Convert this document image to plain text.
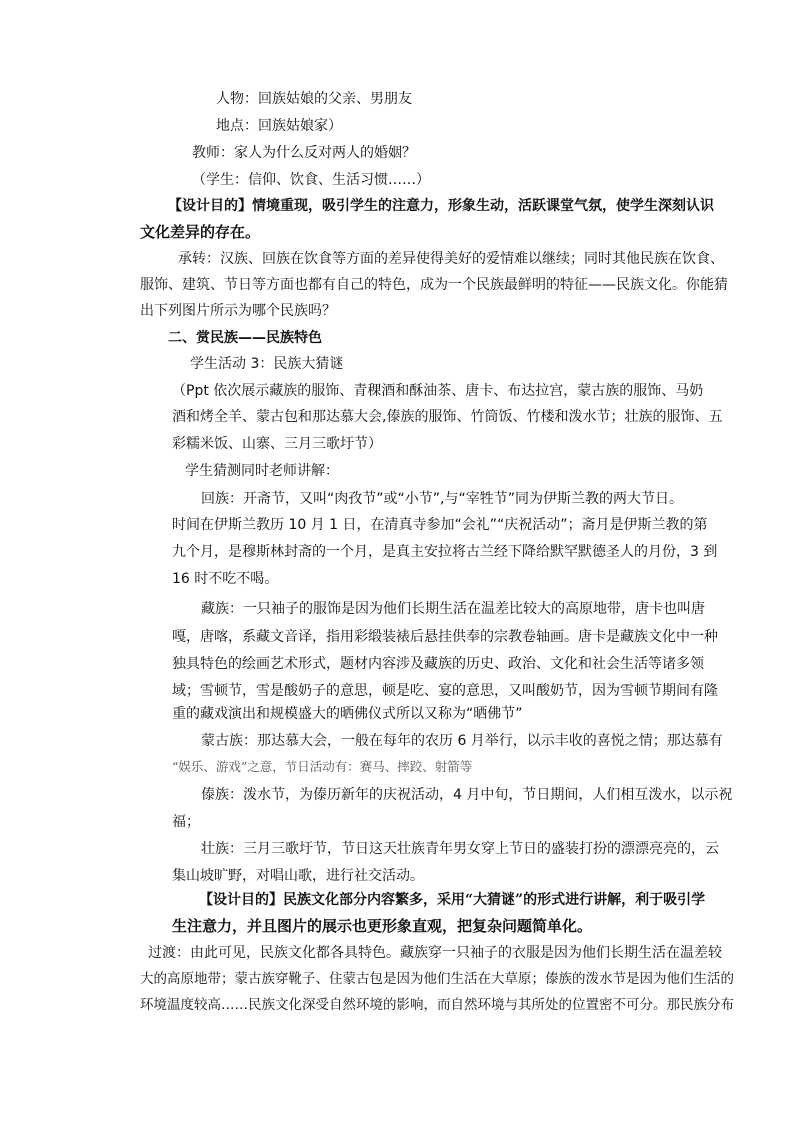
人物：回族姑娘的父亲、男朋友
地点：回族姑娘家）
教师：家人为什么反对两人的婚姻？
（学生：信仰、饮食、生活习惯……）
【设计目的】情境重现，吸引学生的注意力，形象生动，活跃课堂气氛，使学生深刻认识
文化差异的存在。
承转：汉族、回族在饮食等方面的差异使得美好的爱情难以继续；同时其他民族在饮食、
服饰、建筑、节日等方面也都有自己的特色，成为一个民族最鲜明的特征——民族文化。你能猜
出下列图片所示为哪个民族吗？
二、赏民族——民族特色
学生活动 3：民族大猜谜
（Ppt 依次展示藏族的服饰、青稞酒和酥油茶、唐卡、布达拉宫，蒙古族的服饰、马奶
酒和烤全羊、蒙古包和那达慕大会,傣族的服饰、竹筒饭、竹楼和泼水节；壮族的服饰、五
彩糯米饭、山寨、三月三歌圩节）
学生猜测同时老师讲解：
回族：开斋节，又叫“肉孜节”或“小节”,与“宰牲节”同为伊斯兰教的两大节日。
时间在伊斯兰教历 10 月 1 日，在清真寺参加“会礼”“庆祝活动”；斋月是伊斯兰教的第
九个月，是穆斯林封斋的一个月，是真主安拉将古兰经下降给默罕默德圣人的月份，3 到
16 时不吃不喝。
藏族：一只袖子的服饰是因为他们长期生活在温差比较大的高原地带，唐卡也叫唐
嘎，唐喀，系藏文音译，指用彩缎装裱后悬挂供奉的宗教卷轴画。唐卡是藏族文化中一种
独具特色的绘画艺术形式，题材内容涉及藏族的历史、政治、文化和社会生活等诸多领
域；雪顿节，雪是酸奶子的意思，顿是吃、宴的意思，又叫酸奶节，因为雪顿节期间有隆
重的藏戏演出和规模盛大的晒佛仪式所以又称为“晒佛节”
蒙古族：那达慕大会，一般在每年的农历 6 月举行，以示丰收的喜悦之情；那达慕有
“娱乐、游戏”之意，节日活动有：赛马、摔跤、射箭等
傣族：泼水节，为傣历新年的庆祝活动，4 月中旬，节日期间，人们相互泼水，以示祝
福；
壮族：三月三歌圩节，节日这天壮族青年男女穿上节日的盛装打扮的漂漂亮亮的，云
集山坡旷野，对唱山歌，进行社交活动。
【设计目的】民族文化部分内容繁多，采用“大猜谜”的形式进行讲解，利于吸引学
生注意力，并且图片的展示也更形象直观，把复杂问题简单化。
过渡：由此可见，民族文化都各具特色。藏族穿一只袖子的衣服是因为他们长期生活在温差较
大的高原地带；蒙古族穿靴子、住蒙古包是因为他们生活在大草原；傣族的泼水节是因为他们生活的
环境温度较高……民族文化深受自然环境的影响，而自然环境与其所处的位置密不可分。那民族分布
